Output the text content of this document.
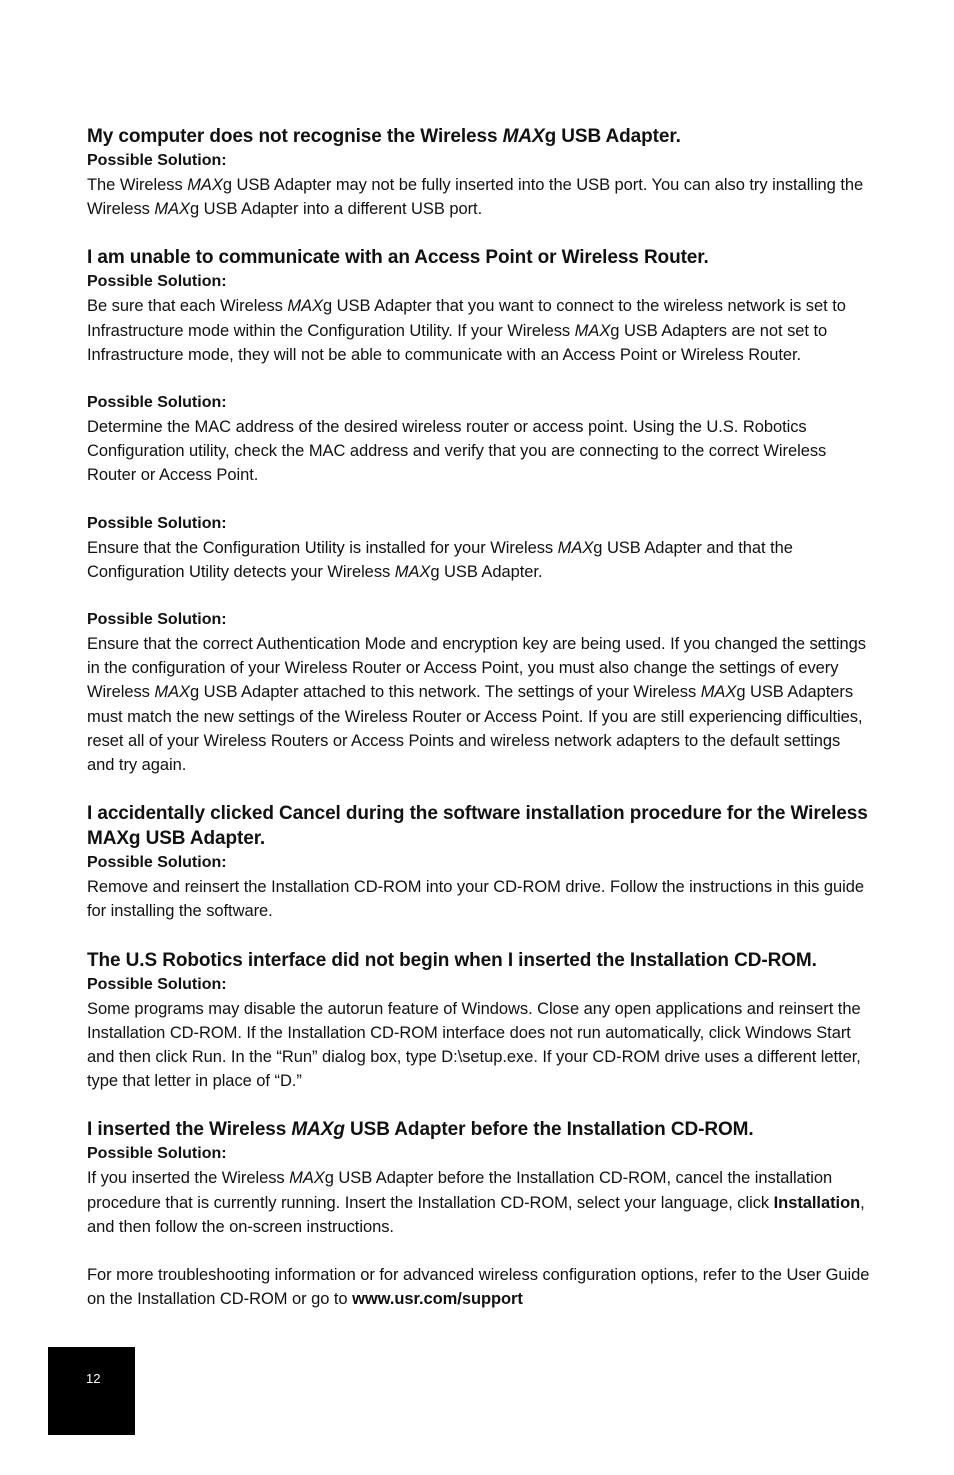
My computer does not recognise the Wireless MAXg USB Adapter.

Possible Solution:

The Wireless MAXg USB Adapter may not be fully inserted into the USB port. You can also try installing the Wireless MAXg USB Adapter into a different USB port.

I am unable to communicate with an Access Point or Wireless Router.

Possible Solution:

Be sure that each Wireless MAXg USB Adapter that you want to connect to the wireless network is set to Infrastructure mode within the Configuration Utility. If your Wireless MAXg USB Adapters are not set to Infrastructure mode, they will not be able to communicate with an Access Point or Wireless Router.

Possible Solution:

Determine the MAC address of the desired wireless router or access point. Using the U.S. Robotics Configuration utility, check the MAC address and verify that you are connecting to the correct Wireless Router or Access Point.

Possible Solution:

Ensure that the Configuration Utility is installed for your Wireless MAXg USB Adapter and that the Configuration Utility detects your Wireless MAXg USB Adapter.

Possible Solution:

Ensure that the correct Authentication Mode and encryption key are being used. If you changed the settings in the configuration of your Wireless Router or Access Point, you must also change the settings of every Wireless MAXg USB Adapter attached to this network. The settings of your Wireless MAXg USB Adapters must match the new settings of the Wireless Router or Access Point. If you are still experiencing difficulties, reset all of your Wireless Routers or Access Points and wireless network adapters to the default settings and try again.

I accidentally clicked Cancel during the software installation procedure for the Wireless MAXg USB Adapter.

Possible Solution:

Remove and reinsert the Installation CD-ROM into your CD-ROM drive. Follow the instructions in this guide for installing the software.

The U.S Robotics interface did not begin when I inserted the Installation CD-ROM.

Possible Solution:

Some programs may disable the autorun feature of Windows. Close any open applications and reinsert the Installation CD-ROM. If the Installation CD-ROM interface does not run automatically, click Windows Start and then click Run. In the “Run” dialog box, type D:\setup.exe. If your CD-ROM drive uses a different letter, type that letter in place of “D.”

I inserted the Wireless MAXg USB Adapter before the Installation CD-ROM.

Possible Solution:

If you inserted the Wireless MAXg USB Adapter before the Installation CD-ROM, cancel the installation procedure that is currently running. Insert the Installation CD-ROM, select your language, click Installation, and then follow the on-screen instructions.

For more troubleshooting information or for advanced wireless configuration options, refer to the User Guide on the Installation CD-ROM or go to www.usr.com/support

12
